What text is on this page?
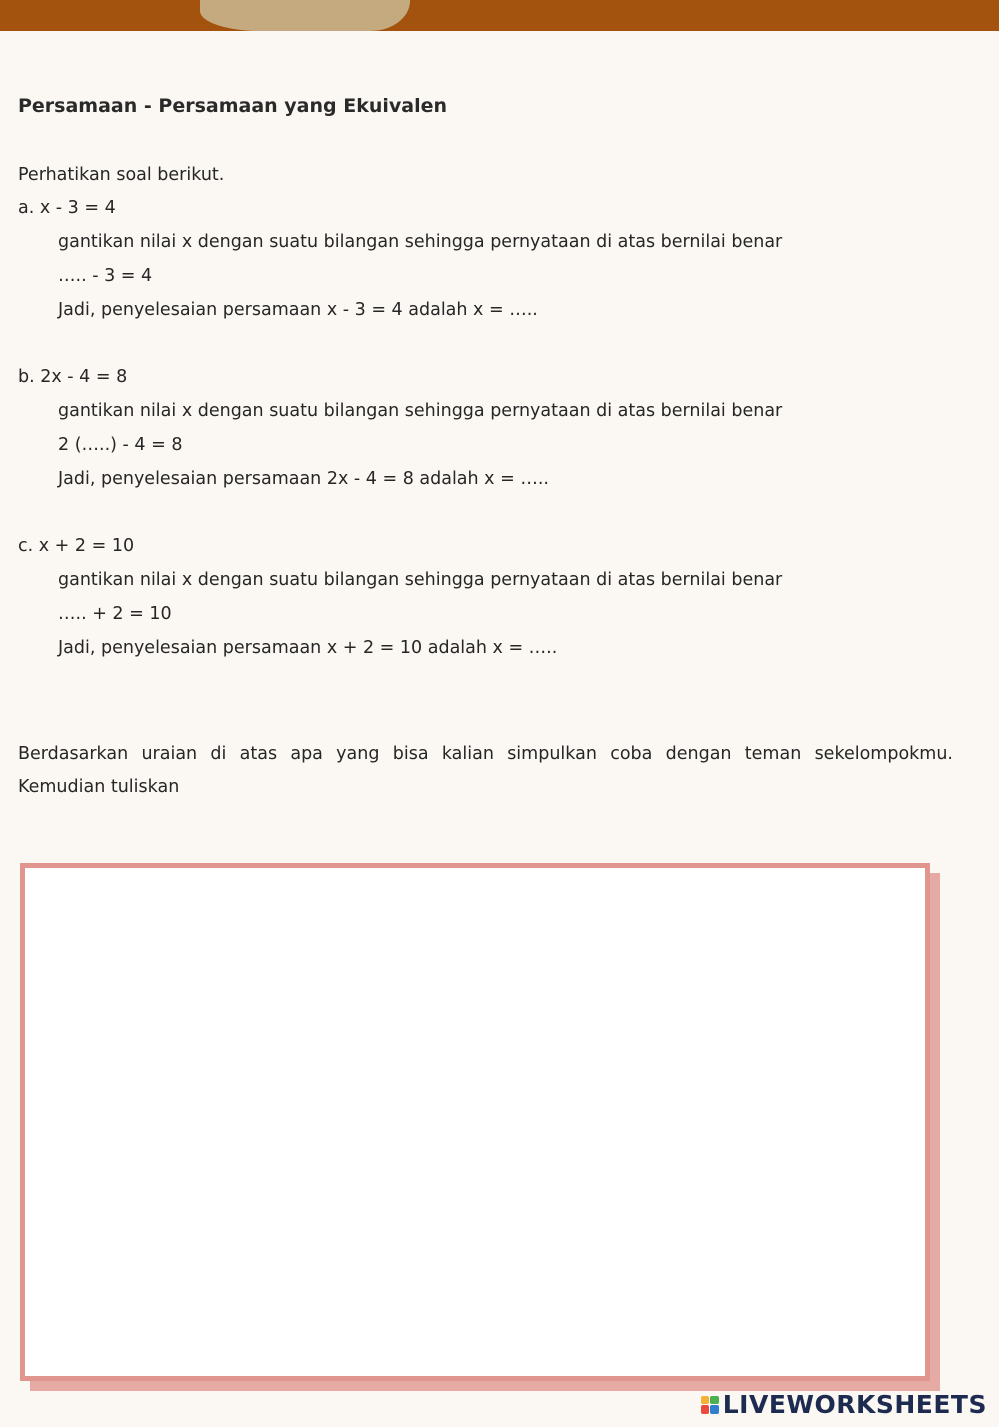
Persamaan - Persamaan yang Ekuivalen
Perhatikan soal berikut.
a. x - 3 = 4
gantikan nilai x dengan suatu bilangan sehingga pernyataan di atas bernilai benar
….. - 3 = 4
Jadi, penyelesaian persamaan x - 3 = 4 adalah x = …..
b. 2x - 4 = 8
gantikan nilai x dengan suatu bilangan sehingga pernyataan di atas bernilai benar
2 (…..) - 4 = 8
Jadi, penyelesaian persamaan 2x - 4 = 8 adalah x = …..
c. x + 2 = 10
gantikan nilai x dengan suatu bilangan sehingga pernyataan di atas bernilai benar
….. + 2 = 10
Jadi, penyelesaian persamaan x + 2 = 10 adalah x = …..
Berdasarkan uraian di atas apa yang bisa kalian simpulkan coba dengan teman sekelompokmu. Kemudian tuliskan
LIVEWORKSHEETS
